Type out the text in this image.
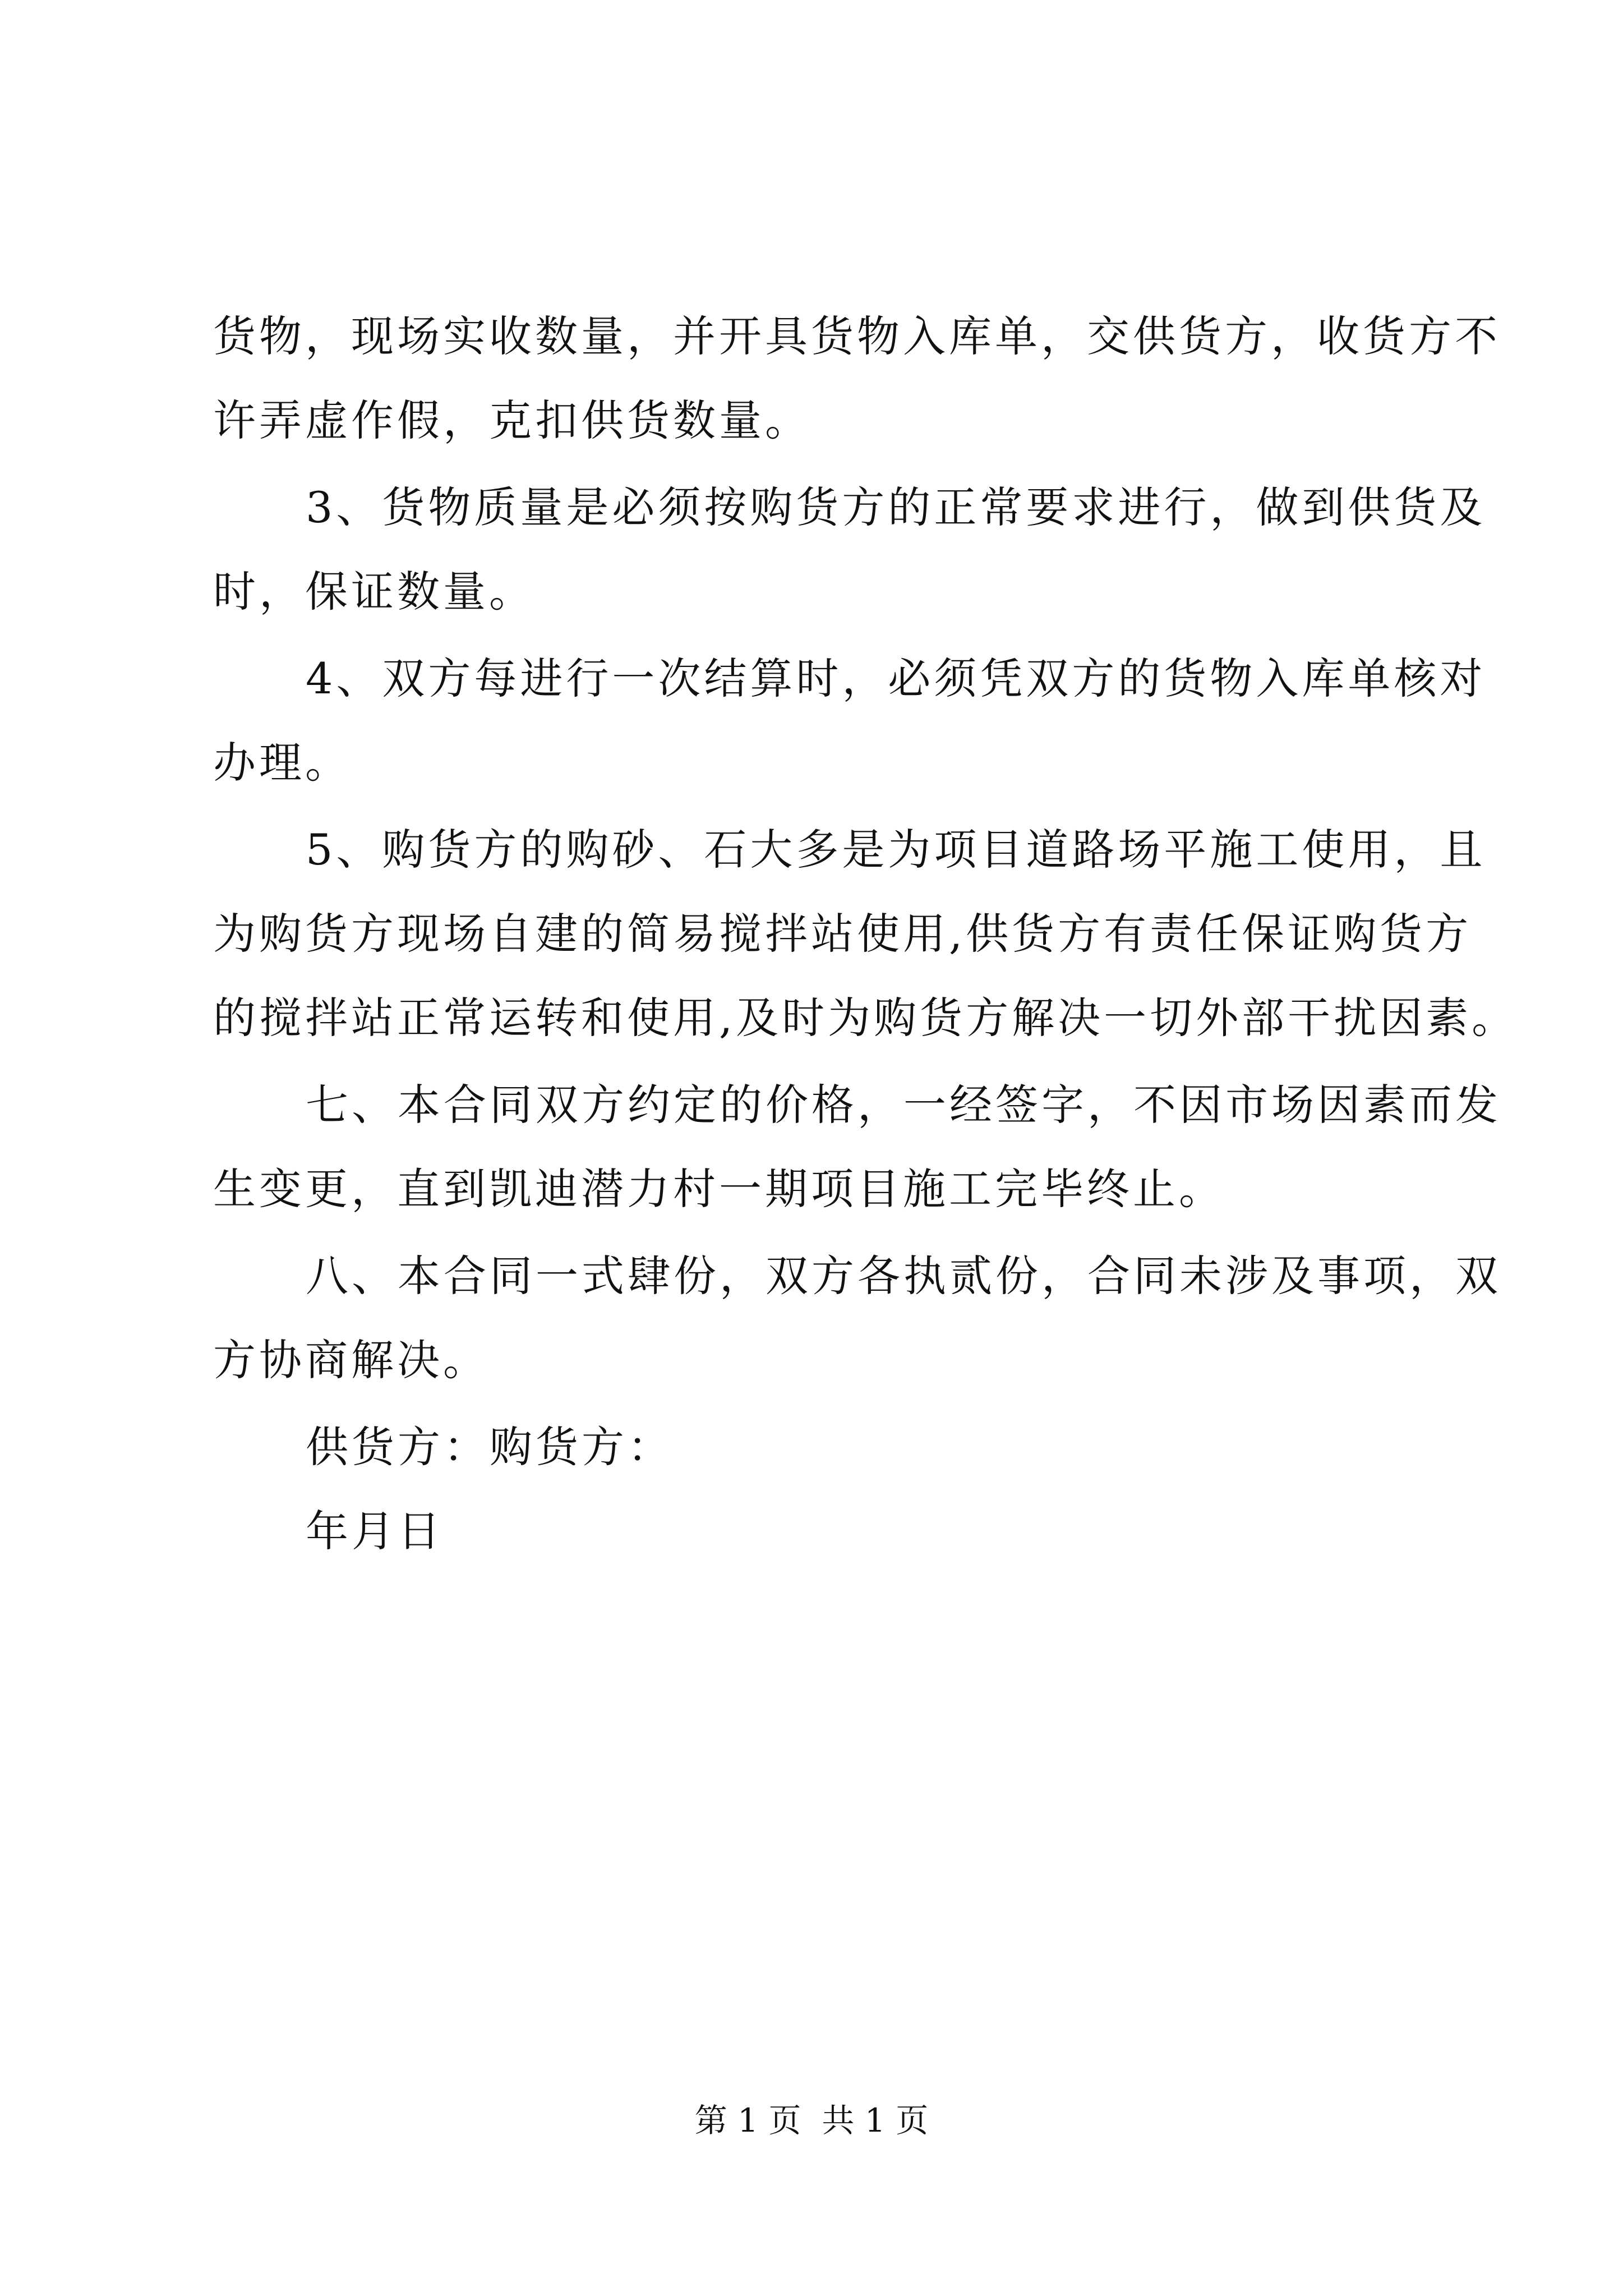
货物，现场实收数量，并开具货物入库单，交供货方，收货方不
许弄虚作假，克扣供货数量。
3、货物质量是必须按购货方的正常要求进行，做到供货及
时，保证数量。
4、双方每进行一次结算时，必须凭双方的货物入库单核对
办理。
5、购货方的购砂、石大多是为项目道路场平施工使用，且
为购货方现场自建的简易搅拌站使用,供货方有责任保证购货方
的搅拌站正常运转和使用,及时为购货方解决一切外部干扰因素。
七、本合同双方约定的价格，一经签字，不因市场因素而发
生变更，直到凯迪潜力村一期项目施工完毕终止。
八、本合同一式肆份，双方各执贰份，合同未涉及事项，双
方协商解决。
供货方：购货方：
年月日
第 1 页  共 1 页
